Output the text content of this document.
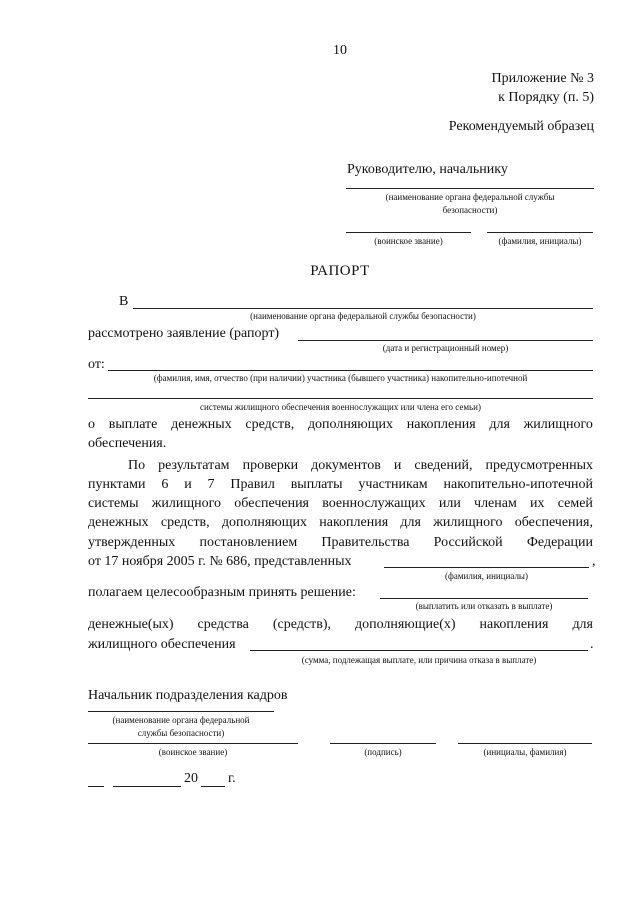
10
Приложение № 3
к Порядку (п. 5)
Рекомендуемый образец
Руководителю, начальнику
(наименование органа федеральной службы
безопасности)
(воинское звание)	(фамилия, инициалы)
РАПОРТ
В
(наименование органа федеральной службы безопасности)
рассмотрено заявление (рапорт)
(дата и регистрационный номер)
от:
(фамилия, имя, отчество (при наличии) участника (бывшего участника) накопительно-ипотечной
системы жилищного обеспечения военнослужащих или члена его семьи)
о выплате денежных средств, дополняющих накопления для жилищного
обеспечения.
По результатам проверки документов и сведений, предусмотренных
пунктами 6 и 7 Правил выплаты участникам накопительно-ипотечной
системы жилищного обеспечения военнослужащих или членам их семей
денежных средств, дополняющих накопления для жилищного обеспечения,
утвержденных постановлением Правительства Российской Федерации
от 17 ноября 2005 г. № 686, представленных	,
(фамилия, инициалы)
полагаем целесообразным принять решение:
(выплатить или отказать в выплате)
денежные(ых) средства (средств), дополняющие(х) накопления для
жилищного обеспечения	.
(сумма, подлежащая выплате, или причина отказа в выплате)
Начальник подразделения кадров
(наименование органа федеральной
службы безопасности)
(воинское звание)	(подпись)	(инициалы, фамилия)
20 г.
